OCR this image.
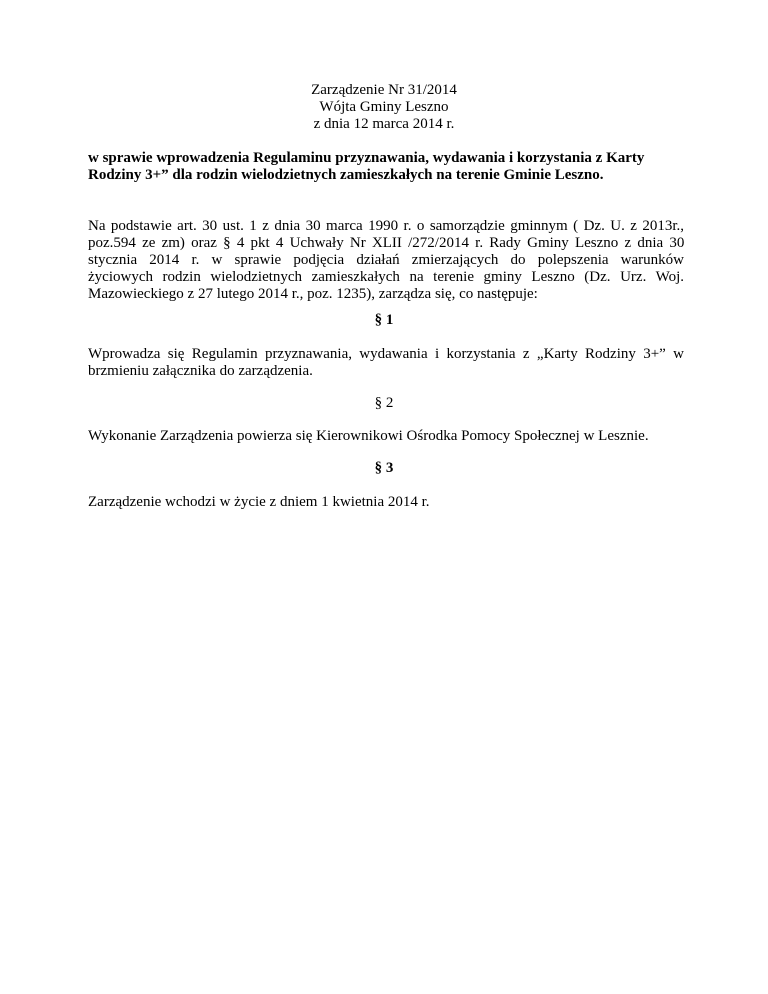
Zarządzenie Nr 31/2014
Wójta Gminy Leszno
z dnia 12 marca 2014 r.
w sprawie wprowadzenia Regulaminu przyznawania, wydawania i korzystania z Karty
Rodziny 3+” dla rodzin wielodzietnych zamieszkałych na terenie Gminie Leszno.
Na podstawie art. 30 ust. 1 z dnia 30 marca 1990 r. o samorządzie gminnym ( Dz. U. z 2013r.,
poz.594 ze zm) oraz § 4 pkt 4 Uchwały Nr XLII /272/2014 r. Rady Gminy Leszno z dnia 30
stycznia 2014 r. w sprawie podjęcia działań zmierzających do polepszenia warunków
życiowych rodzin wielodzietnych zamieszkałych na terenie gminy Leszno (Dz. Urz. Woj.
Mazowieckiego z 27 lutego 2014 r., poz. 1235), zarządza się, co następuje:
§ 1
Wprowadza się Regulamin przyznawania, wydawania i korzystania z „Karty Rodziny 3+” w
brzmieniu załącznika do zarządzenia.
§ 2
Wykonanie Zarządzenia powierza się Kierownikowi Ośrodka Pomocy Społecznej w Lesznie.
§ 3
Zarządzenie wchodzi w życie z dniem 1 kwietnia 2014 r.
